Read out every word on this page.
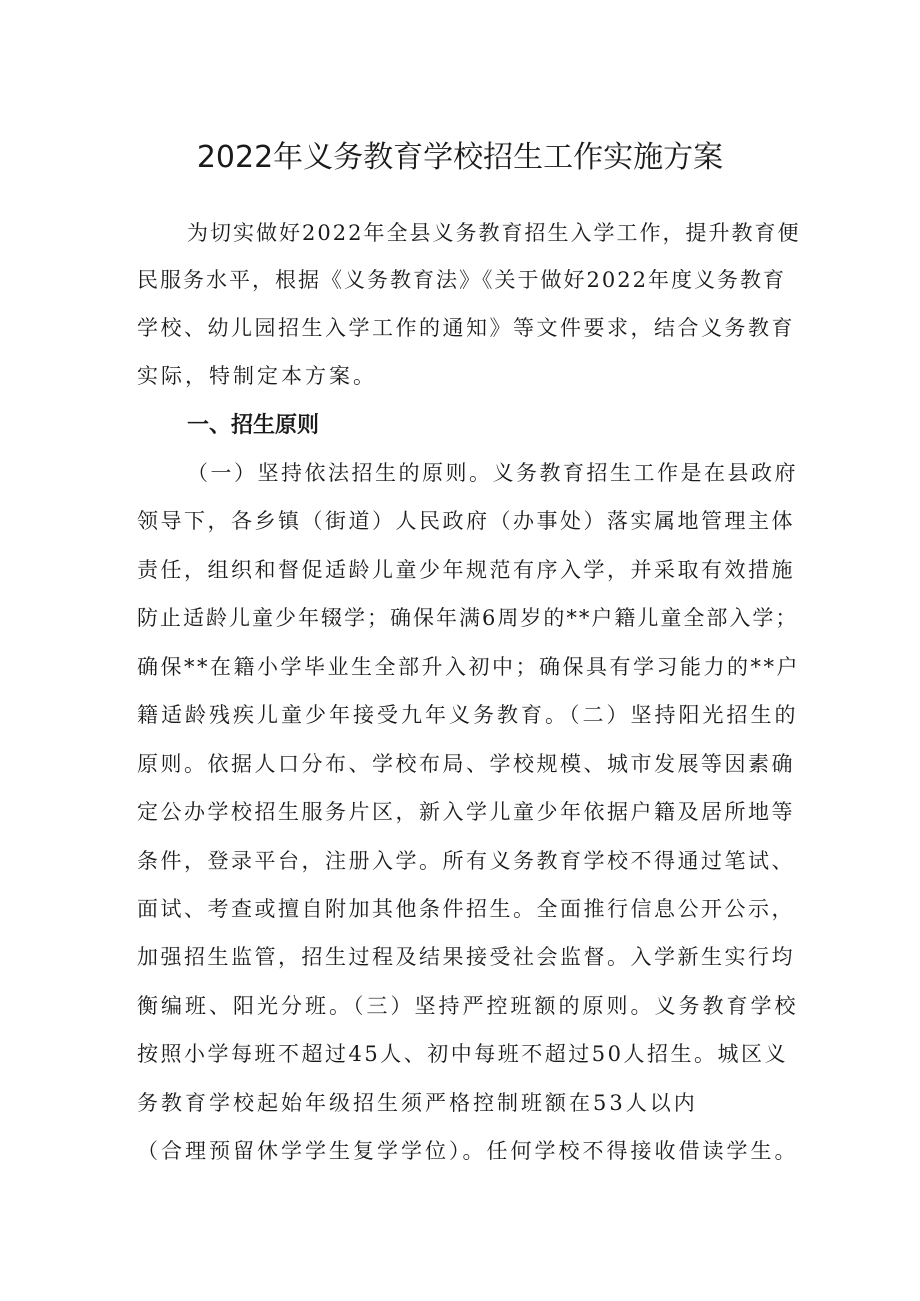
2022年义务教育学校招生工作实施方案

为切实做好2022年全县义务教育招生入学工作，提升教育便

民服务水平，根据《义务教育法》《关于做好2022年度义务教育

学校、幼儿园招生入学工作的通知》等文件要求，结合义务教育

实际，特制定本方案。

一、招生原则

（一）坚持依法招生的原则。义务教育招生工作是在县政府

领导下，各乡镇（街道）人民政府（办事处）落实属地管理主体

责任，组织和督促适龄儿童少年规范有序入学，并采取有效措施

防止适龄儿童少年辍学；确保年满6周岁的**户籍儿童全部入学；

确保**在籍小学毕业生全部升入初中；确保具有学习能力的**户

籍适龄残疾儿童少年接受九年义务教育。（二）坚持阳光招生的

原则。依据人口分布、学校布局、学校规模、城市发展等因素确

定公办学校招生服务片区，新入学儿童少年依据户籍及居所地等

条件，登录平台，注册入学。所有义务教育学校不得通过笔试、

面试、考查或擅自附加其他条件招生。全面推行信息公开公示，

加强招生监管，招生过程及结果接受社会监督。入学新生实行均

衡编班、阳光分班。（三）坚持严控班额的原则。义务教育学校

按照小学每班不超过45人、初中每班不超过50人招生。城区义

务教育学校起始年级招生须严格控制班额在53人以内

（合理预留休学学生复学学位）。任何学校不得接收借读学生。
